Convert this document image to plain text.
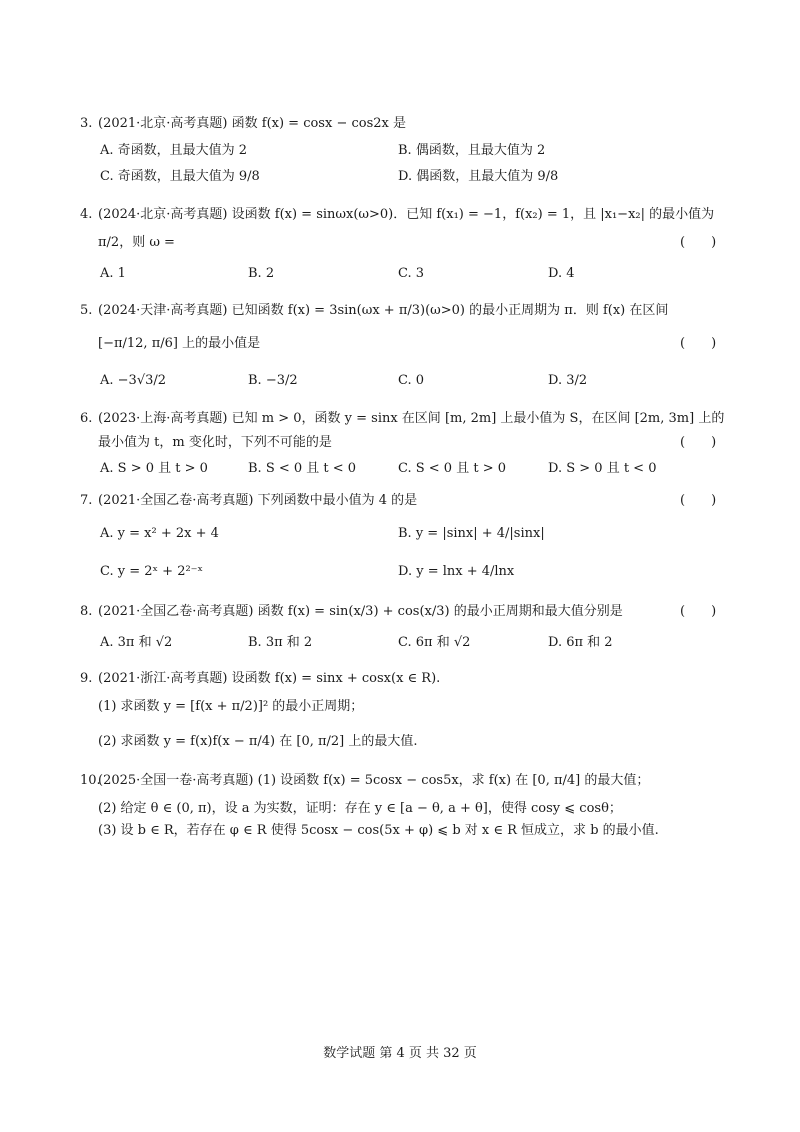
3. (2021·北京·高考真题) 函数 f(x) = cosx − cos2x 是
A. 奇函数，且最大值为 2	B. 偶函数，且最大值为 2
C. 奇函数，且最大值为 9/8	D. 偶函数，且最大值为 9/8
4. (2024·北京·高考真题) 设函数 f(x) = sinωx(ω>0)．已知 f(x₁) = −1，f(x₂) = 1，且 |x₁−x₂| 的最小值为
π/2，则 ω =	(　　)
A. 1	B. 2	C. 3	D. 4
5. (2024·天津·高考真题) 已知函数 f(x) = 3sin(ωx + π/3)(ω>0) 的最小正周期为 π．则 f(x) 在区间
[−π/12, π/6] 上的最小值是	(　　)
A. −3√3/2	B. −3/2	C. 0	D. 3/2
6. (2023·上海·高考真题) 已知 m > 0，函数 y = sinx 在区间 [m, 2m] 上最小值为 S，在区间 [2m, 3m] 上的
最小值为 t，m 变化时，下列不可能的是	(　　)
A. S > 0 且 t > 0	B. S < 0 且 t < 0	C. S < 0 且 t > 0	D. S > 0 且 t < 0
7. (2021·全国乙卷·高考真题) 下列函数中最小值为 4 的是	(　　)
A. y = x² + 2x + 4	B. y = |sinx| + 4/|sinx|
C. y = 2ˣ + 2²⁻ˣ	D. y = lnx + 4/lnx
8. (2021·全国乙卷·高考真题) 函数 f(x) = sin(x/3) + cos(x/3) 的最小正周期和最大值分别是	(　　)
A. 3π 和 √2	B. 3π 和 2	C. 6π 和 √2	D. 6π 和 2
9. (2021·浙江·高考真题) 设函数 f(x) = sinx + cosx(x ∈ R).
(1) 求函数 y = [f(x + π/2)]² 的最小正周期；
(2) 求函数 y = f(x)f(x − π/4) 在 [0, π/2] 上的最大值.
10.
(2025·全国一卷·高考真题) (1) 设函数 f(x) = 5cosx − cos5x，求 f(x) 在 [0, π/4] 的最大值；
(2) 给定 θ ∈ (0, π)，设 a 为实数，证明：存在 y ∈ [a − θ, a + θ]，使得 cosy ⩽ cosθ；
(3) 设 b ∈ R，若存在 φ ∈ R 使得 5cosx − cos(5x + φ) ⩽ b 对 x ∈ R 恒成立，求 b 的最小值.
数学试题 第 4 页 共 32 页
